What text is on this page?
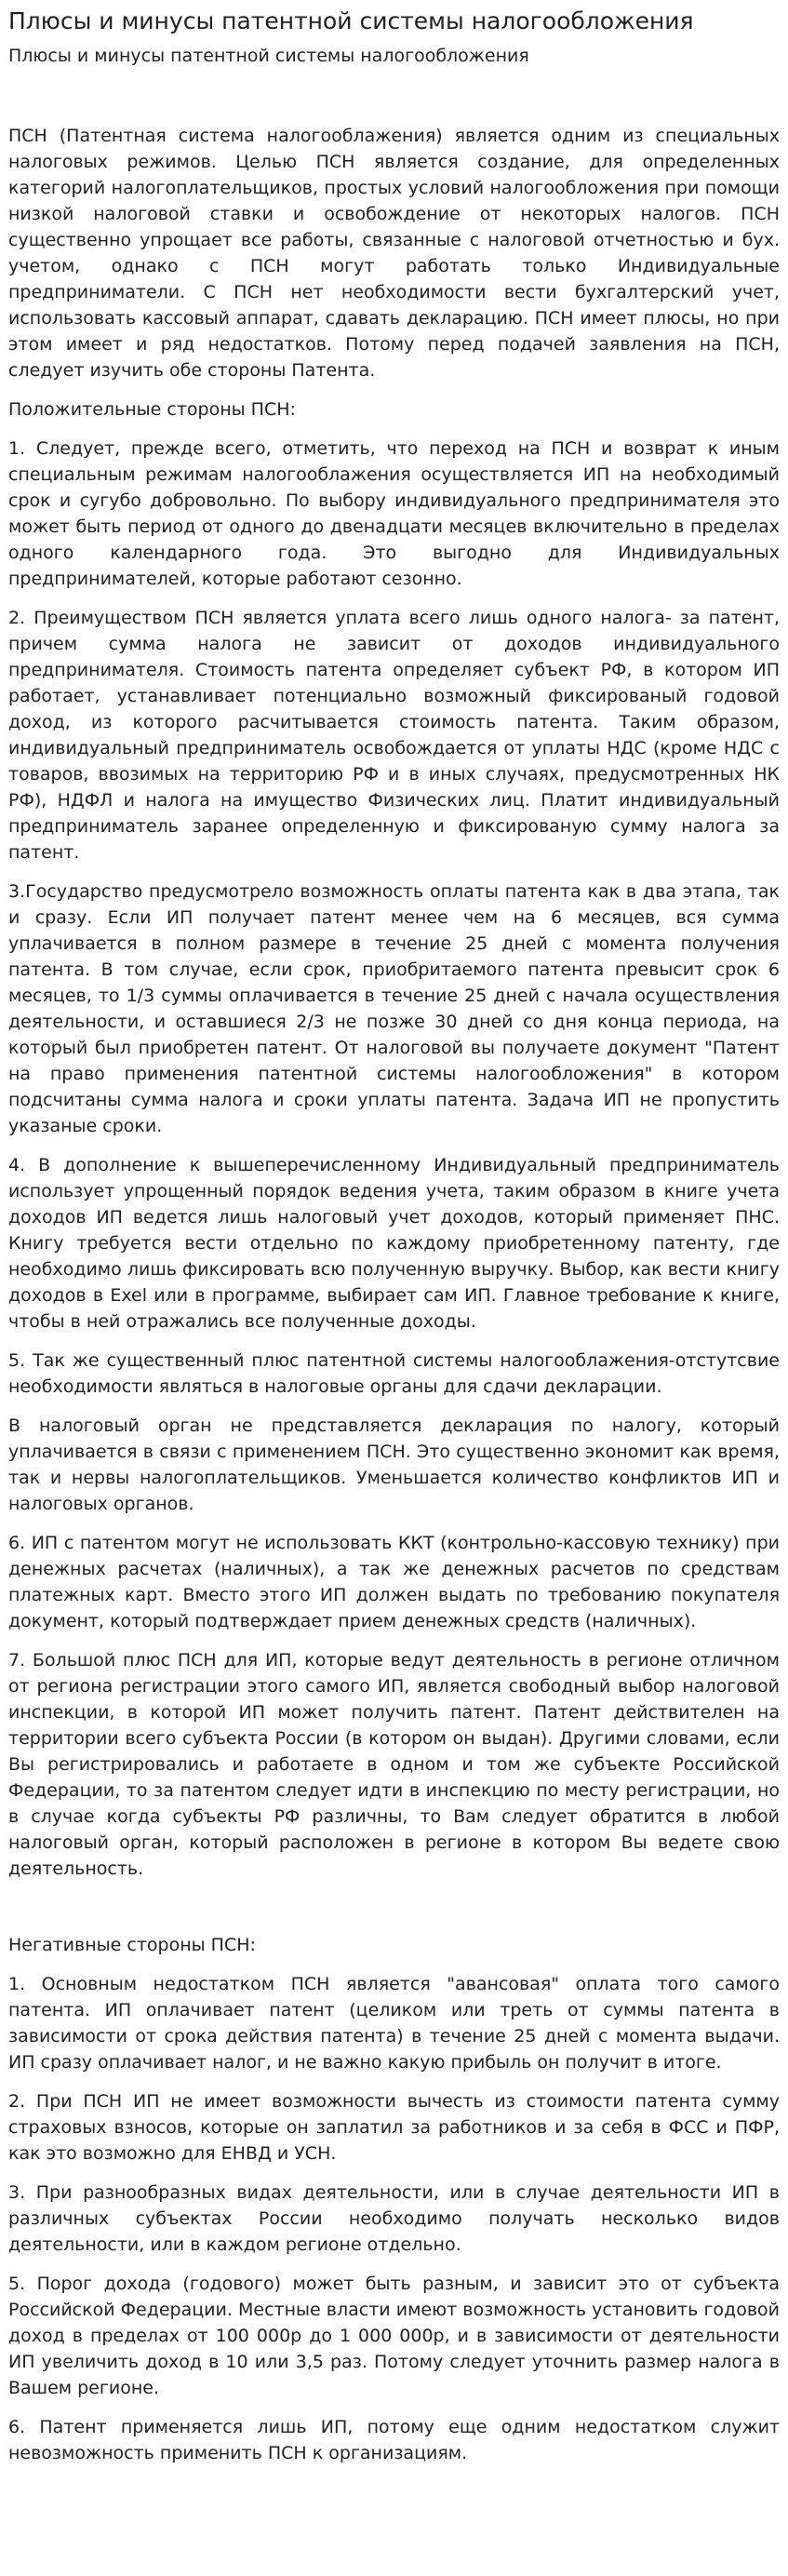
Плюсы и минусы патентной системы налогообложения
Плюсы и минусы патентной системы налогообложения

ПСН (Патентная система налогооблажения) является одним из специальных налоговых режимов. Целью ПСН является создание, для определенных категорий налогоплательщиков, простых условий налогообложения при помощи низкой налоговой ставки и освобождение от некоторых налогов. ПСН существенно упрощает все работы, связанные с налоговой отчетностью и бух. учетом, однако с ПСН могут работать только Индивидуальные предприниматели. С ПСН нет необходимости вести бухгалтерский учет, использовать кассовый аппарат, сдавать декларацию. ПСН имеет плюсы, но при этом имеет и ряд недостатков. Потому перед подачей заявления на ПСН, следует изучить обе стороны Патента.

Положительные стороны ПСН:

1. Следует, прежде всего, отметить, что переход на ПСН и возврат к иным специальным режимам налогооблажения осуществляется ИП на необходимый срок и сугубо добровольно. По выбору индивидуального предпринимателя это может быть период от одного до двенадцати месяцев включительно в пределах одного календарного года. Это выгодно для Индивидуальных предпринимателей, которые работают сезонно.

2. Преимуществом ПСН является уплата всего лишь одного налога- за патент, причем сумма налога не зависит от доходов индивидуального предпринимателя. Стоимость патента определяет субъект РФ, в котором ИП работает, устанавливает потенциально возможный фиксированый годовой доход, из которого расчитывается стоимость патента. Таким образом, индивидуальный предприниматель освобождается от уплаты НДС (кроме НДС с товаров, ввозимых на территорию РФ и в иных случаях, предусмотренных НК РФ), НДФЛ и налога на имущество Физических лиц. Платит индивидуальный предприниматель заранее определенную и фиксированую сумму налога за патент.

3.Государство предусмотрело возможность оплаты патента как в два этапа, так и сразу. Если ИП получает патент менее чем на 6 месяцев, вся сумма уплачивается в полном размере в течение 25 дней с момента получения патента. В том случае, если срок, приобритаемого патента превысит срок 6 месяцев, то 1/3 суммы оплачивается в течение 25 дней с начала осуществления деятельности, и оставшиеся 2/3 не позже 30 дней со дня конца периода, на который был приобретен патент. От налоговой вы получаете документ "Патент на право применения патентной системы налогообложения" в котором подсчитаны сумма налога и сроки уплаты патента. Задача ИП не пропустить указаные сроки.

4. В дополнение к вышеперечисленному Индивидуальный предприниматель использует упрощенный порядок ведения учета, таким образом в книге учета доходов ИП ведется лишь налоговый учет доходов, который применяет ПНС. Книгу требуется вести отдельно по каждому приобретенному патенту, где необходимо лишь фиксировать всю полученную выручку. Выбор, как вести книгу доходов в Exel или в программе, выбирает сам ИП. Главное требование к книге, чтобы в ней отражались все полученные доходы.

5. Так же существенный плюс патентной системы налогооблажения-отстутсвие необходимости являться в налоговые органы для сдачи декларации.

В налоговый орган не представляется декларация по налогу, который уплачивается в связи с применением ПСН. Это существенно экономит как время, так и нервы налогоплательщиков. Уменьшается количество конфликтов ИП и налоговых органов.

6. ИП с патентом могут не использовать ККТ (контрольно-кассовую технику) при денежных расчетах (наличных), а так же денежных расчетов по средствам платежных карт. Вместо этого ИП должен выдать по требованию покупателя документ, который подтверждает прием денежных средств (наличных).

7. Большой плюс ПСН для ИП, которые ведут деятельность в регионе отличном от региона регистрации этого самого ИП, является свободный выбор налоговой инспекции, в которой ИП может получить патент. Патент действителен на территории всего субъекта России (в котором он выдан). Другими словами, если Вы регистрировались и работаете в одном и том же субъекте Российской Федерации, то за патентом следует идти в инспекцию по месту регистрации, но в случае когда субъекты РФ различны, то Вам следует обратится в любой налоговый орган, который расположен в регионе в котором Вы ведете свою деятельность.

Негативные стороны ПСН:

1. Основным недостатком ПСН является "авансовая" оплата того самого патента. ИП оплачивает патент (целиком или треть от суммы патента в зависимости от срока действия патента) в течение 25 дней с момента выдачи. ИП сразу оплачивает налог, и не важно какую прибыль он получит в итоге.

2. При ПСН ИП не имеет возможности вычесть из стоимости патента сумму страховых взносов, которые он заплатил за работников и за себя в ФСС и ПФР, как это возможно для ЕНВД и УСН.

3. При разнообразных видах деятельности, или в случае деятельности ИП в различных субъектах России необходимо получать несколько видов деятельности, или в каждом регионе отдельно.

5. Порог дохода (годового) может быть разным, и зависит это от субъекта Российской Федерации. Местные власти имеют возможность установить годовой доход в пределах от 100 000р до 1 000 000р, и в зависимости от деятельности ИП увеличить доход в 10 или 3,5 раз. Потому следует уточнить размер налога в Вашем регионе.

6. Патент применяется лишь ИП, потому еще одним недостатком служит невозможность применить ПСН к организациям.
